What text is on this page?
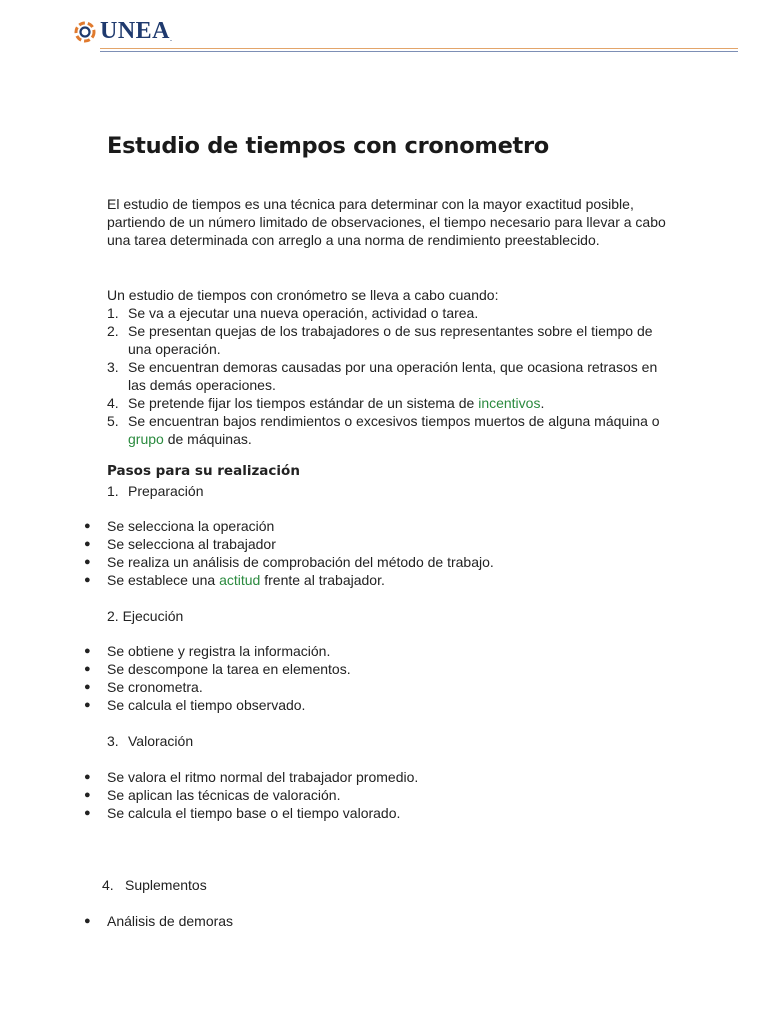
UNEA .
Estudio de tiempos con cronometro

El estudio de tiempos es una técnica para determinar con la mayor exactitud posible, partiendo de un número limitado de observaciones, el tiempo necesario para llevar a cabo una tarea determinada con arreglo a una norma de rendimiento preestablecido.

Un estudio de tiempos con cronómetro se lleva a cabo cuando:

1. Se va a ejecutar una nueva operación, actividad o tarea.
2. Se presentan quejas de los trabajadores o de sus representantes sobre el tiempo de una operación.
3. Se encuentran demoras causadas por una operación lenta, que ocasiona retrasos en las demás operaciones.
4. Se pretende fijar los tiempos estándar de un sistema de incentivos.
5. Se encuentran bajos rendimientos o excesivos tiempos muertos de alguna máquina o grupo de máquinas.

Pasos para su realización

1. Preparación
●	Se selecciona la operación
●	Se selecciona al trabajador
●	Se realiza un análisis de comprobación del método de trabajo.
●	Se establece una actitud frente al trabajador.

2. Ejecución

●	Se obtiene y registra la información.
●	Se descompone la tarea en elementos.
●	Se cronometra.
●	Se calcula el tiempo observado.
3. Valoración
●	Se valora el ritmo normal del trabajador promedio.
●	Se aplican las técnicas de valoración.
●	Se calcula el tiempo base o el tiempo valorado.
4. Suplementos
●	Análisis de demoras
